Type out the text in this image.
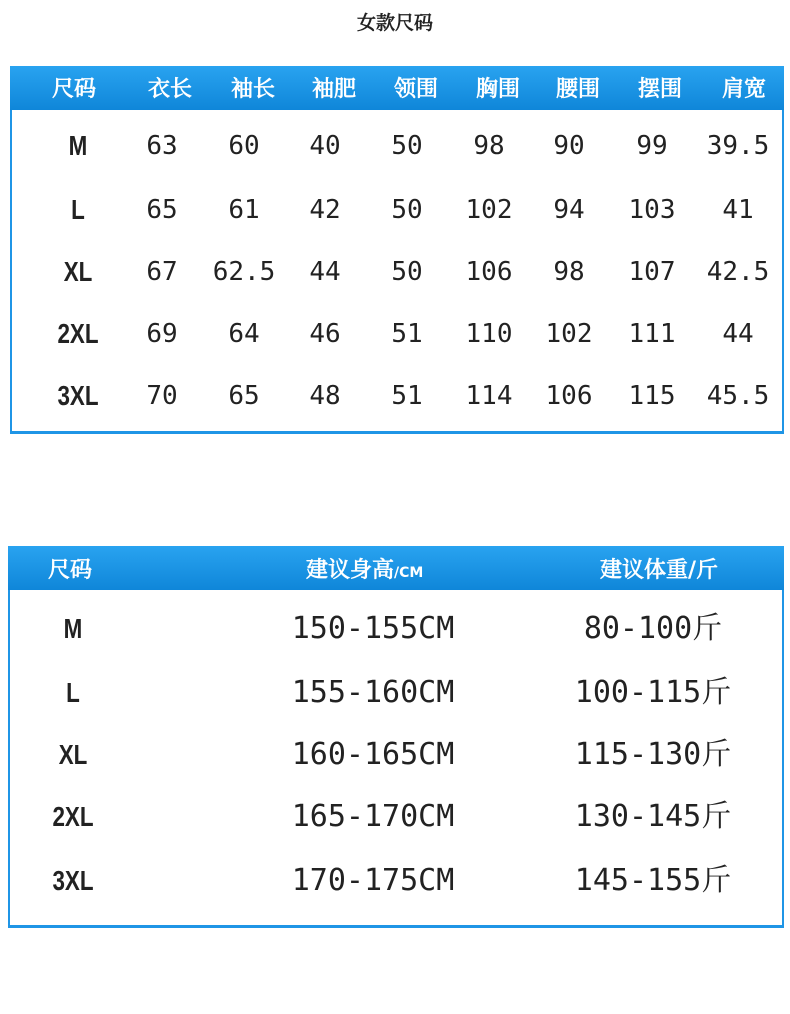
女款尺码
尺码	衣长	袖长	袖肥	领围	胸围	腰围	摆围	肩宽
M	63	60	40	50	98	90	99	39.5
L	65	61	42	50	102	94	103	41
XL	67	62.5	44	50	106	98	107	42.5
2XL	69	64	46	51	110	102	111	44
3XL	70	65	48	51	114	106	115	45.5
尺码	建议身高/CM	建议体重/斤
M	150-155CM	80-100斤
L	155-160CM	100-115斤
XL	160-165CM	115-130斤
2XL	165-170CM	130-145斤
3XL	170-175CM	145-155斤
